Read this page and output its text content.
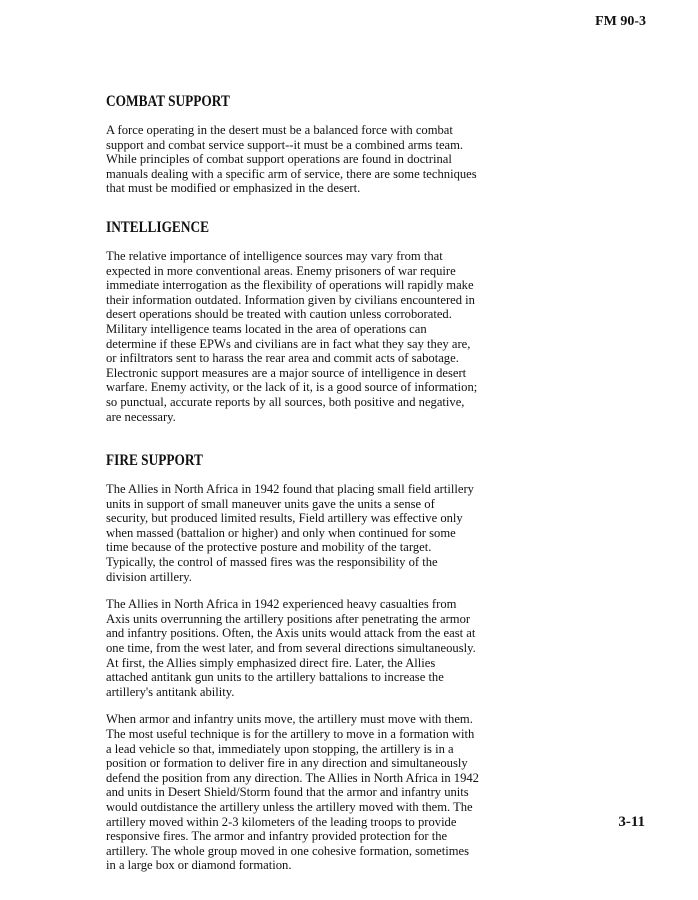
FM 90-3
COMBAT SUPPORT

A force operating in the desert must be a balanced force with combat support and combat service support--it must be a combined arms team. While principles of combat support operations are found in doctrinal manuals dealing with a specific arm of service, there are some techniques that must be modified or emphasized in the desert.

INTELLIGENCE

The relative importance of intelligence sources may vary from that expected in more conventional areas. Enemy prisoners of war require immediate interrogation as the flexibility of operations will rapidly make their information outdated. Information given by civilians encountered in desert operations should be treated with caution unless corroborated. Military intelligence teams located in the area of operations can determine if these EPWs and civilians are in fact what they say they are, or infiltrators sent to harass the rear area and commit acts of sabotage. Electronic support measures are a major source of intelligence in desert warfare. Enemy activity, or the lack of it, is a good source of information; so punctual, accurate reports by all sources, both positive and negative, are necessary.

FIRE SUPPORT

The Allies in North Africa in 1942 found that placing small field artillery units in support of small maneuver units gave the units a sense of security, but produced limited results, Field artillery was effective only when massed (battalion or higher) and only when continued for some time because of the protective posture and mobility of the target. Typically, the control of massed fires was the responsibility of the division artillery.

The Allies in North Africa in 1942 experienced heavy casualties from Axis units overrunning the artillery positions after penetrating the armor and infantry positions. Often, the Axis units would attack from the east at one time, from the west later, and from several directions simultaneously. At first, the Allies simply emphasized direct fire. Later, the Allies attached antitank gun units to the artillery battalions to increase the artillery's antitank ability.

When armor and infantry units move, the artillery must move with them. The most useful technique is for the artillery to move in a formation with a lead vehicle so that, immediately upon stopping, the artillery is in a position or formation to deliver fire in any direction and simultaneously defend the position from any direction. The Allies in North Africa in 1942 and units in Desert Shield/Storm found that the armor and infantry units would outdistance the artillery unless the artillery moved with them. The artillery moved within 2-3 kilometers of the leading troops to provide responsive fires. The armor and infantry provided protection for the artillery. The whole group moved in one cohesive formation, sometimes in a large box or diamond formation.

3-11
